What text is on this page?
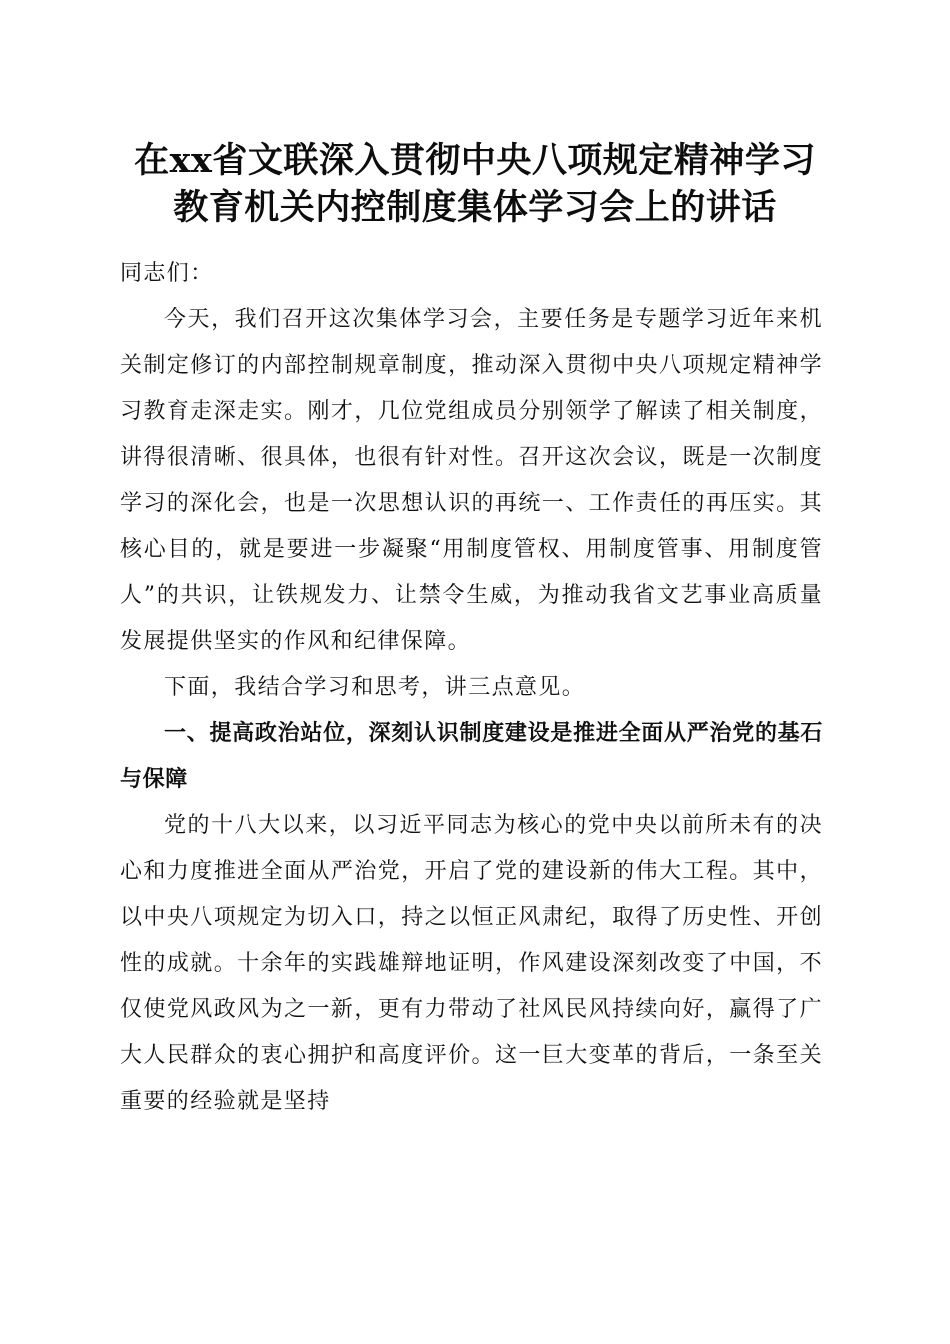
在xx省文联深入贯彻中央八项规定精神学习
教育机关内控制度集体学习会上的讲话

同志们：

今天，我们召开这次集体学习会，主要任务是专题学习近年来机关制定修订的内部控制规章制度，推动深入贯彻中央八项规定精神学习教育走深走实。刚才，几位党组成员分别领学了解读了相关制度，讲得很清晰、很具体，也很有针对性。召开这次会议，既是一次制度学习的深化会，也是一次思想认识的再统一、工作责任的再压实。其核心目的，就是要进一步凝聚“用制度管权、用制度管事、用制度管人”的共识，让铁规发力、让禁令生威，为推动我省文艺事业高质量发展提供坚实的作风和纪律保障。

下面，我结合学习和思考，讲三点意见。

一、提高政治站位，深刻认识制度建设是推进全面从严治党的基石与保障

党的十八大以来，以习近平同志为核心的党中央以前所未有的决心和力度推进全面从严治党，开启了党的建设新的伟大工程。其中，以中央八项规定为切入口，持之以恒正风肃纪，取得了历史性、开创性的成就。十余年的实践雄辩地证明，作风建设深刻改变了中国，不仅使党风政风为之一新，更有力带动了社风民风持续向好，赢得了广大人民群众的衷心拥护和高度评价。这一巨大变革的背后，一条至关重要的经验就是坚持
